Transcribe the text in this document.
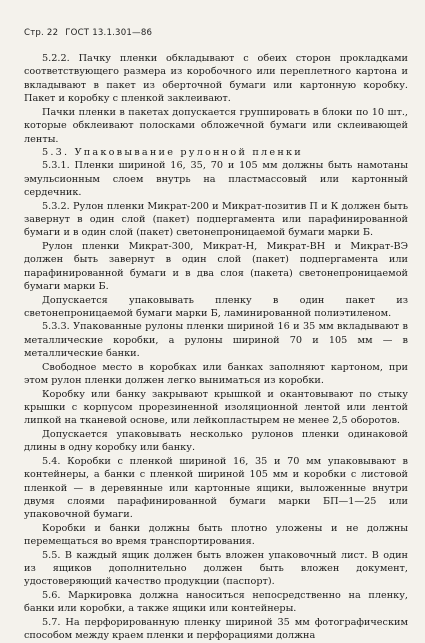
Стр. 22 ГОСТ 13.1.301—86

5.2.2. Пачку пленки обкладывают с обеих сторон прокладками соответствующего размера из коробочного или переплетного картона и вкладывают в пакет из оберточной бумаги или картонную коробку. Пакет и коробку с пленкой заклеивают.

Пачки пленки в пакетах допускается группировать в блоки по 10 шт., которые обклеивают полосками обложечной бумаги или склеивающей ленты.

5.3. Упаковывание рулонной пленки

5.3.1. Пленки шириной 16, 35, 70 и 105 мм должны быть намотаны эмульсионным слоем внутрь на пластмассовый или картонный сердечник.

5.3.2. Рулон пленки Микрат-200 и Микрат-позитив П и К должен быть завернут в один слой (пакет) подпергамента или парафинированной бумаги и в один слой (пакет) светонепроницаемой бумаги марки Б.

Рулон пленки Микрат-300, Микрат-Н, Микрат-ВН и Микрат-ВЭ должен быть завернут в один слой (пакет) подпергамента или парафинированной бумаги и в два слоя (пакета) светонепроницаемой бумаги марки Б.

Допускается упаковывать пленку в один пакет из светонепроницаемой бумаги марки Б, ламинированной полиэтиленом.

5.3.3. Упакованные рулоны пленки шириной 16 и 35 мм вкладывают в металлические коробки, а рулоны шириной 70 и 105 мм — в металлические банки.

Свободное место в коробках или банках заполняют картоном, при этом рулон пленки должен легко выниматься из коробки.

Коробку или банку закрывают крышкой и окантовывают по стыку крышки с корпусом прорезиненной изоляционной лентой или лентой липкой на тканевой основе, или лейкопластырем не менее 2,5 оборотов.

Допускается упаковывать несколько рулонов пленки одинаковой длины в одну коробку или банку.

5.4. Коробки с пленкой шириной 16, 35 и 70 мм упаковывают в контейнеры, а банки с пленкой шириной 105 мм и коробки с листовой пленкой — в деревянные или картонные ящики, выложенные внутри двумя слоями парафинированной бумаги марки БП—1—25 или упаковочной бумаги.

Коробки и банки должны быть плотно уложены и не должны перемещаться во время транспортирования.

5.5. В каждый ящик должен быть вложен упаковочный лист. В один из ящиков дополнительно должен быть вложен документ, удостоверяющий качество продукции (паспорт).

5.6. Маркировка должна наноситься непосредственно на пленку, банки или коробки, а также ящики или контейнеры.

5.7. На перфорированную пленку шириной 35 мм фотографическим способом между краем пленки и перфорациями должна
